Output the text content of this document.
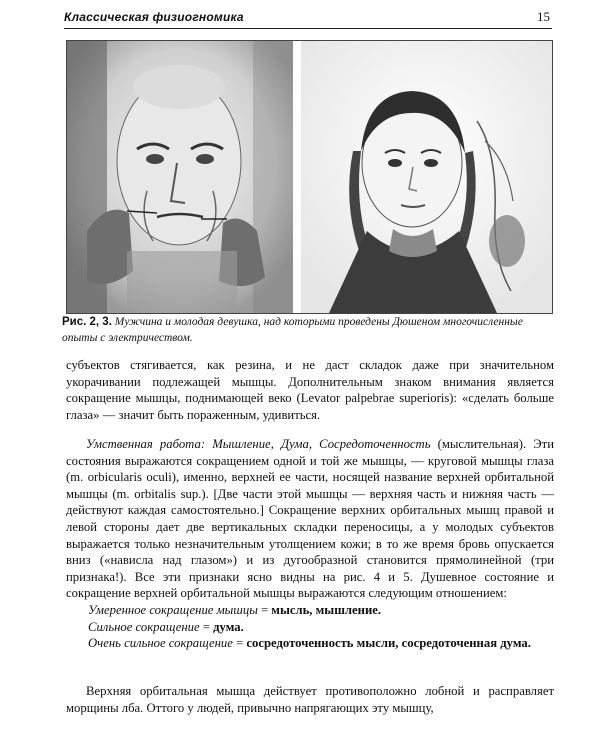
Классическая физиогномика	15
Рис. 2, 3. Мужчина и молодая девушка, над которыми проведены Дюшеном многочисленные опыты с электричеством.

субъектов стягивается, как резина, и не даст складок даже при значительном укорачивании подлежащей мышцы. Дополнительным знаком внимания является сокращение мышцы, поднимающей веко (Levator palpebrae superioris): «сделать больше глаза» — значит быть пораженным, удивиться.

Умственная работа: Мышление, Дума, Сосредоточенность (мыслительная). Эти состояния выражаются сокращением одной и той же мышцы, — круговой мышцы глаза (m. orbicularis oculi), именно, верхней ее части, носящей название верхней орбитальной мышцы (m. orbitalis sup.). [Две части этой мышцы — верхняя часть и нижняя часть — действуют каждая самостоятельно.] Сокращение верхних орбитальных мышц правой и левой стороны дает две вертикальных складки переносицы, а у молодых субъектов выражается только незначительным утолщением кожи; в то же время бровь опускается вниз («нависла над глазом») и из дугообразной становится прямолинейной (три признака!). Все эти признаки ясно видны на рис. 4 и 5. Душевное состояние и сокращение верхней орбитальной мышцы выражаются следующим отношением:

Умеренное сокращение мышцы = мысль, мышление.

Сильное сокращение = дума.

Очень сильное сокращение = сосредоточенность мысли, сосредоточенная дума.

Верхняя орбитальная мышца действует противоположно лобной и расправляет морщины лба. Оттого у людей, привычно напрягающих эту мышцу,
